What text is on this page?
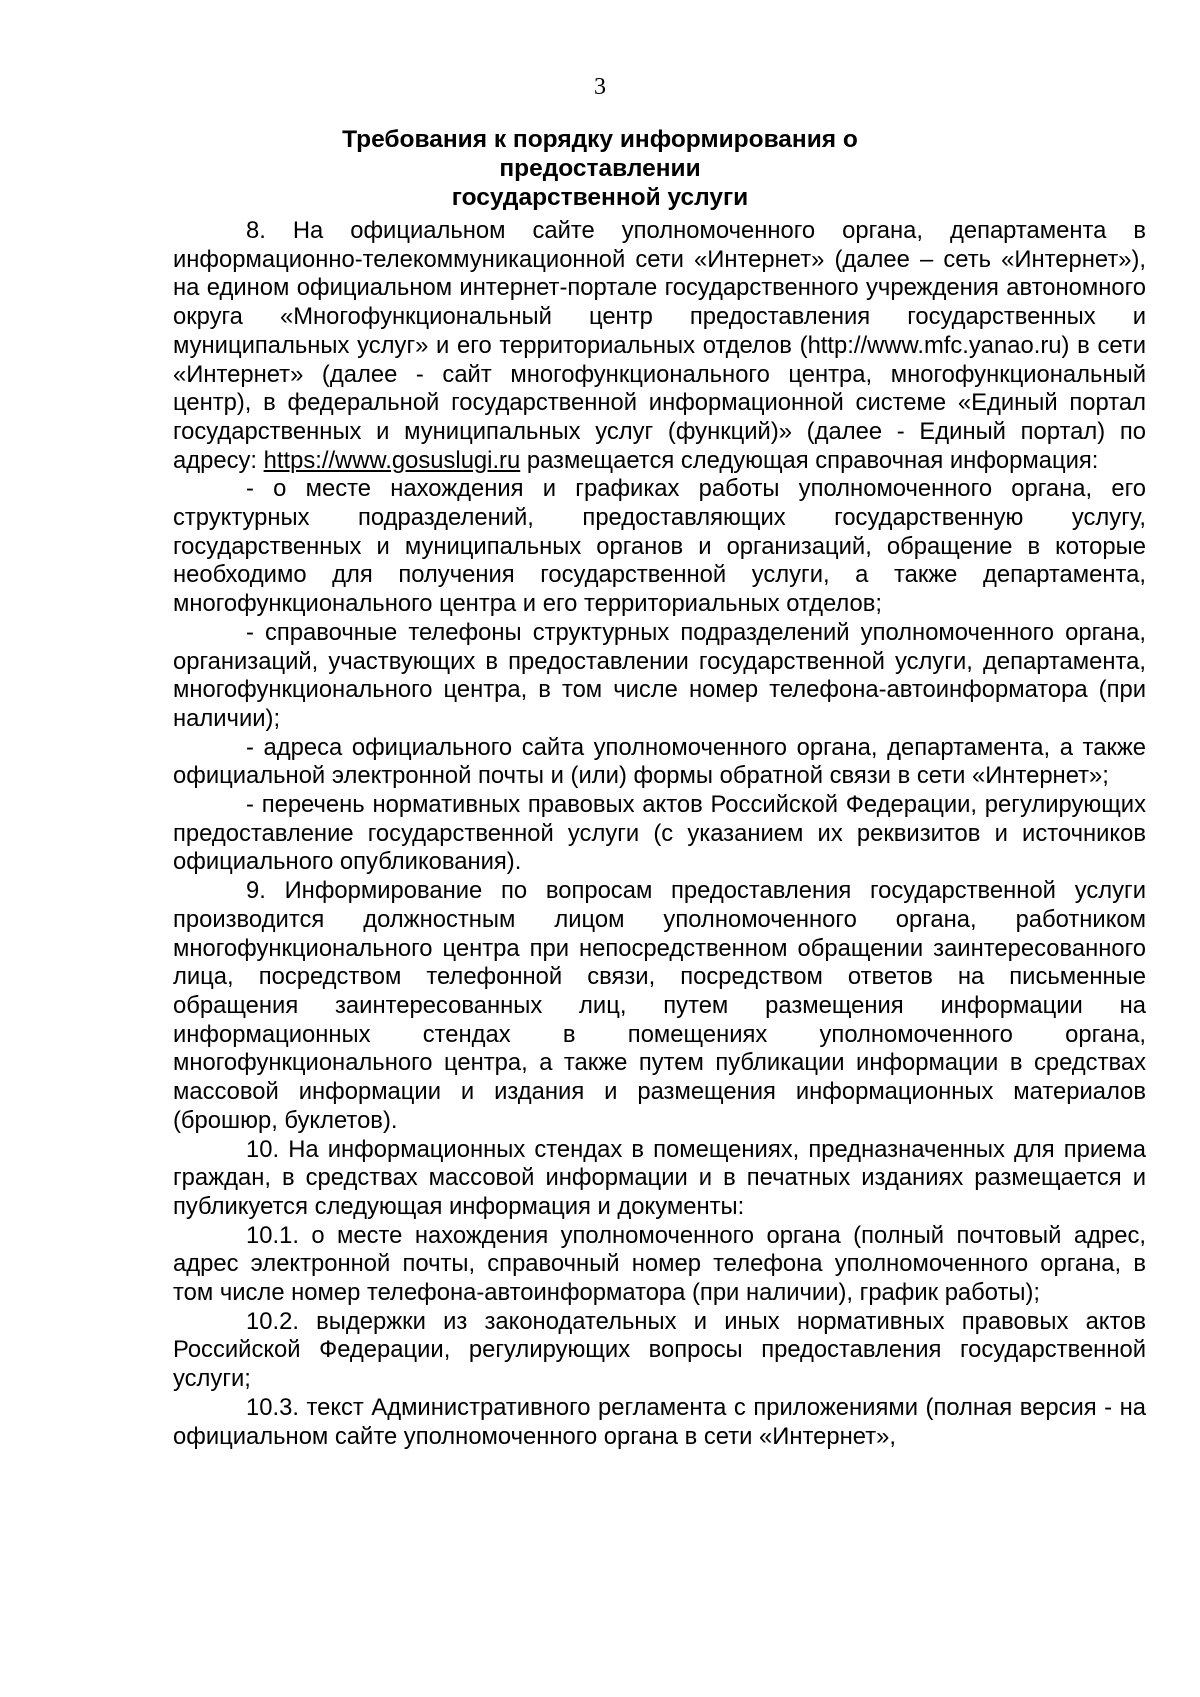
3
Требования к порядку информирования о предоставлении
государственной услуги

8. На официальном сайте уполномоченного органа, департамента в информационно-телекоммуникационной сети «Интернет» (далее – сеть «Интернет»), на едином официальном интернет-портале государственного учреждения автономного округа «Многофункциональный центр предоставления государственных и муниципальных услуг» и его территориальных отделов (http://www.mfc.yanao.ru) в сети «Интернет» (далее - сайт многофункционального центра, многофункциональный центр), в федеральной государственной информационной системе «Единый портал государственных и муниципальных услуг (функций)» (далее - Единый портал) по адресу: https://www.gosuslugi.ru размещается следующая справочная информация:

- о месте нахождения и графиках работы уполномоченного органа, его структурных подразделений, предоставляющих государственную услугу, государственных и муниципальных органов и организаций, обращение в которые необходимо для получения государственной услуги, а также департамента, многофункционального центра и его территориальных отделов;

- справочные телефоны структурных подразделений уполномоченного органа, организаций, участвующих в предоставлении государственной услуги, департамента, многофункционального центра, в том числе номер телефона-автоинформатора (при наличии);

- адреса официального сайта уполномоченного органа, департамента, а также официальной электронной почты и (или) формы обратной связи в сети «Интернет»;

- перечень нормативных правовых актов Российской Федерации, регулирующих предоставление государственной услуги (с указанием их реквизитов и источников официального опубликования).

9. Информирование по вопросам предоставления государственной услуги производится должностным лицом уполномоченного органа, работником многофункционального центра при непосредственном обращении заинтересованного лица, посредством телефонной связи, посредством ответов на письменные обращения заинтересованных лиц, путем размещения информации на информационных стендах в помещениях уполномоченного органа, многофункционального центра, а также путем публикации информации в средствах массовой информации и издания и размещения информационных материалов (брошюр, буклетов).

10. На информационных стендах в помещениях, предназначенных для приема граждан, в средствах массовой информации и в печатных изданиях размещается и публикуется следующая информация и документы:

10.1. о месте нахождения уполномоченного органа (полный почтовый адрес, адрес электронной почты, справочный номер телефона уполномоченного органа, в том числе номер телефона-автоинформатора (при наличии), график работы);

10.2. выдержки из законодательных и иных нормативных правовых актов Российской Федерации, регулирующих вопросы предоставления государственной услуги;

10.3. текст Административного регламента с приложениями (полная версия - на официальном сайте уполномоченного органа в сети «Интернет»,
